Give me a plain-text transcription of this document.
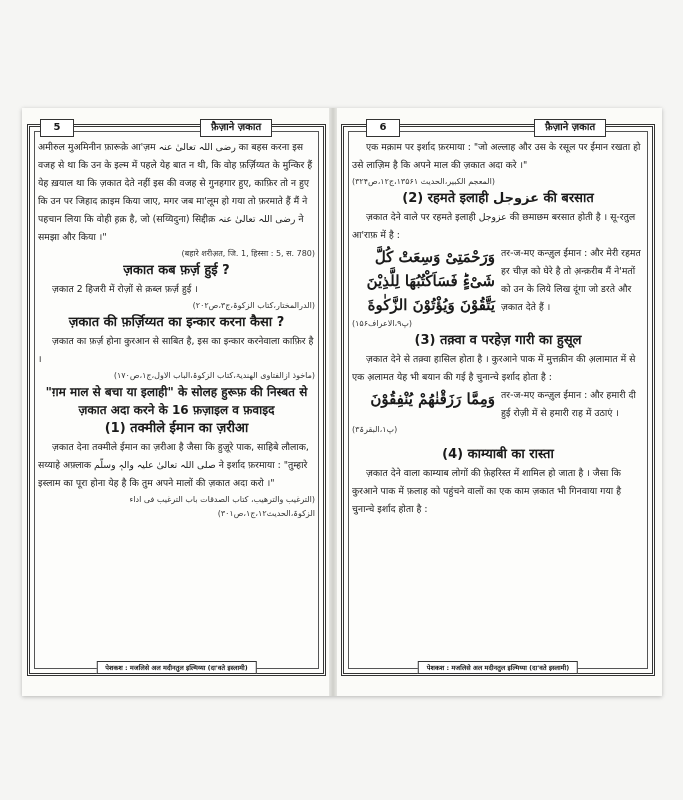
5	फ़ैज़ाने ज़कात

अमीरुल मुअमिनीन फ़ारूक़े आ'ज़म رضی اللہ تعالیٰ عنہ का बहस करना इस वजह से था कि उन के इल्म में पहले येह बात न थी, कि वोह फ़र्ज़िय्यत के मुन्किर हैं येह ख़याल था कि ज़कात देते नहीं इस की वजह से गुनहगार हुए, काफ़िर तो न हुए कि उन पर जिहाद क़ाइम किया जाए, मगर जब मा'लूम हो गया तो फ़रमाते हैं मैं ने पहचान लिया कि वोही ह़क़ है, जो (सय्यिदुना) सिद्दीक़ رضی اللہ تعالیٰ عنہ ने समझा और किया ।"

(बहारे शरीअ़त, जि. 1, हिस्सा : 5, स. 780)

ज़कात कब फ़र्ज़ हुई ?

ज़कात 2 हिजरी में रोज़ों से क़ब्ल फ़र्ज़ हुई ।

(الدرالمختار،کتاب الزکوۃ،ج۳،ص۲۰۲)

ज़कात की फ़र्ज़िय्यत का इन्कार करना कैसा ?

ज़कात का फ़र्ज़ होना कुरआन से साबित है, इस का इन्कार करनेवाला काफ़िर है ।

(ماخوذ ازالفتاوی الھندیۃ،کتاب الزکوۃ،الباب الاول،ج۱،ص۱۷۰)

"ग़म माल से बचा या इलाही" के सोलह हुरूफ़ की निस्बत से ज़कात अदा करने के 16 फ़ज़ाइल व फ़वाइद

(1) तक्मीले ईमान का ज़रीआ

ज़कात देना तक्मीले ईमान का ज़रीआ है जैसा कि हुज़ूरे पाक, साहिबे लौलाक, सय्याहे अफ़्लाक صلی اللہ تعالیٰ علیہ والہٖ وسلّم ने इर्शाद फ़रमाया : "तुम्हारे इस्लाम का पूरा होना येह है कि तुम अपने मालों की ज़कात अदा करो ।"

(الترغیب والترھیب، کتاب الصدقات باب الترغیب فی اداء الزکوۃ،الحدیث۱۲،ج۱،ص۳۰۱)

पेशकश : मजलिसे अल मदीनतुल इल्मिय्या (दा'वते इस्लामी)
6	फ़ैज़ाने ज़कात

एक मक़ाम पर इर्शाद फ़रमाया : "जो अल्लाह और उस के रसूल पर ईमान रखता हो उसे लाज़िम है कि अपने माल की ज़कात अदा करे ।"

(المعجم الکبیر،الحدیث ۱۳۵۶۱،ج۱۲،ص۳۲۴)

(2) रहमते इलाही عزوجل की बरसात

ज़कात देने वाले पर रहमते इलाही عزوجل की छमाछम बरसात होती है । सू-रतुल आ'राफ़ में है :

وَرَحْمَتِیْ وَسِعَتْ كُلَّ شَیْءٍؕ فَسَاَكْتُبُهَا لِلَّذِیْنَ یَتَّقُوْنَ وَیُؤْتُوْنَ الزَّكٰوةَ
तर-ज-मए कन्ज़ुल ईमान : और मेरी रहमत हर चीज़ को घेरे है तो अ़न्क़रीब मैं ने'मतों को उन के लिये लिख दूंगा जो डरते और ज़कात देते हैं ।

(پ۹،الاعراف۱۵۶)

(3) तक़्वा व परहेज़ गारी का हुसूल

ज़कात देने से तक़्वा हासिल होता है । कुरआने पाक में मुत्तक़ीन की अ़लामात में से एक अ़लामत येह भी बयान की गई है चुनान्चे इर्शाद होता है :

وَمِمَّا رَزَقْنٰهُمْ یُنْفِقُوْنَ तर-ज-मए कन्ज़ुल ईमान : और हमारी दी हुई रोज़ी में से हमारी राह में उठाएं ।

(پ۱،البقرۃ۳)

(4) काम्याबी का रास्ता

ज़कात देने वाला काम्याब लोगों की फ़ेहरिस्त में शामिल हो जाता है । जैसा कि कुरआने पाक में फ़लाह को पहुंचने वालों का एक काम ज़कात भी गिनवाया गया है चुनान्चे इर्शाद होता है :

पेशकश : मजलिसे अल मदीनतुल इल्मिय्या (दा'वते इस्लामी)
